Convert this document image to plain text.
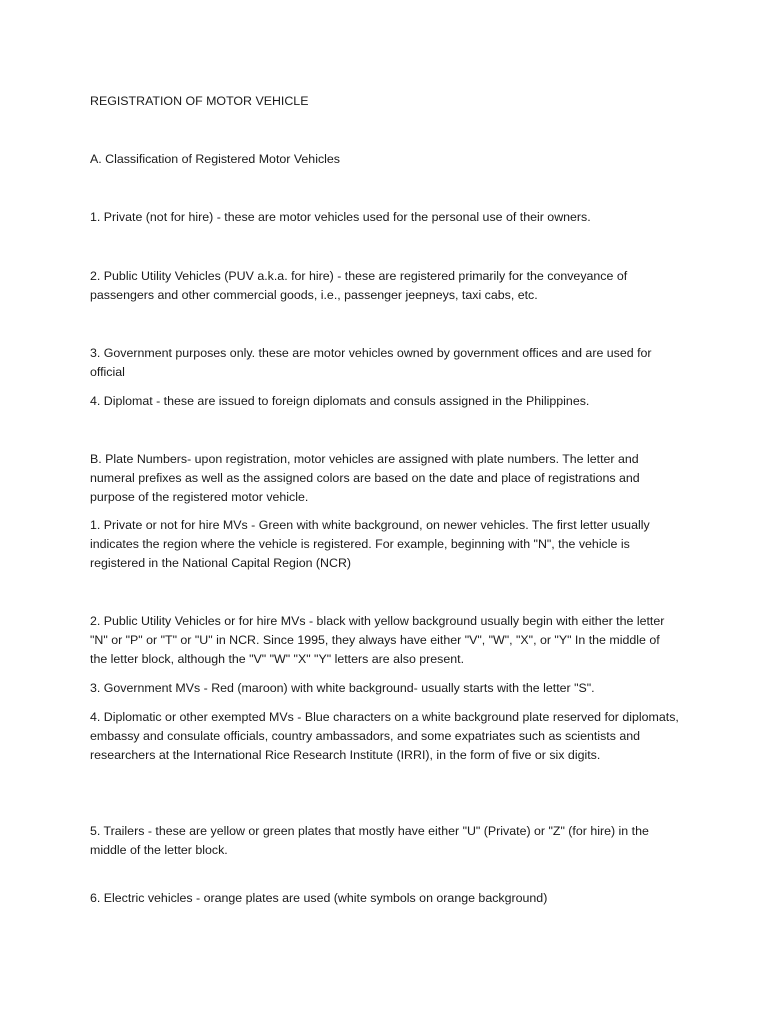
REGISTRATION OF MOTOR VEHICLE

A. Classification of Registered Motor Vehicles

1. Private (not for hire) - these are motor vehicles used for the personal use of their owners.

2. Public Utility Vehicles (PUV a.k.a. for hire) - these are registered primarily for the conveyance of passengers and other commercial goods, i.e., passenger jeepneys, taxi cabs, etc.

3. Government purposes only. these are motor vehicles owned by government offices and are used for official

4. Diplomat - these are issued to foreign diplomats and consuls assigned in the Philippines.

B. Plate Numbers- upon registration, motor vehicles are assigned with plate numbers. The letter and numeral prefixes as well as the assigned colors are based on the date and place of registrations and purpose of the registered motor vehicle.

1. Private or not for hire MVs - Green with white background, on newer vehicles. The first letter usually indicates the region where the vehicle is registered. For example, beginning with "N", the vehicle is registered in the National Capital Region (NCR)

2. Public Utility Vehicles or for hire MVs - black with yellow background usually begin with either the letter "N" or "P" or "T" or "U" in NCR. Since 1995, they always have either "V", "W", "X", or "Y" In the middle of the letter block, although the "V" "W" "X" "Y" letters are also present.

3. Government MVs - Red (maroon) with white background- usually starts with the letter "S".

4. Diplomatic or other exempted MVs - Blue characters on a white background plate reserved for diplomats, embassy and consulate officials, country ambassadors, and some expatriates such as scientists and researchers at the International Rice Research Institute (IRRI), in the form of five or six digits.

5. Trailers - these are yellow or green plates that mostly have either "U" (Private) or "Z" (for hire) in the middle of the letter block.

6. Electric vehicles - orange plates are used (white symbols on orange background)
